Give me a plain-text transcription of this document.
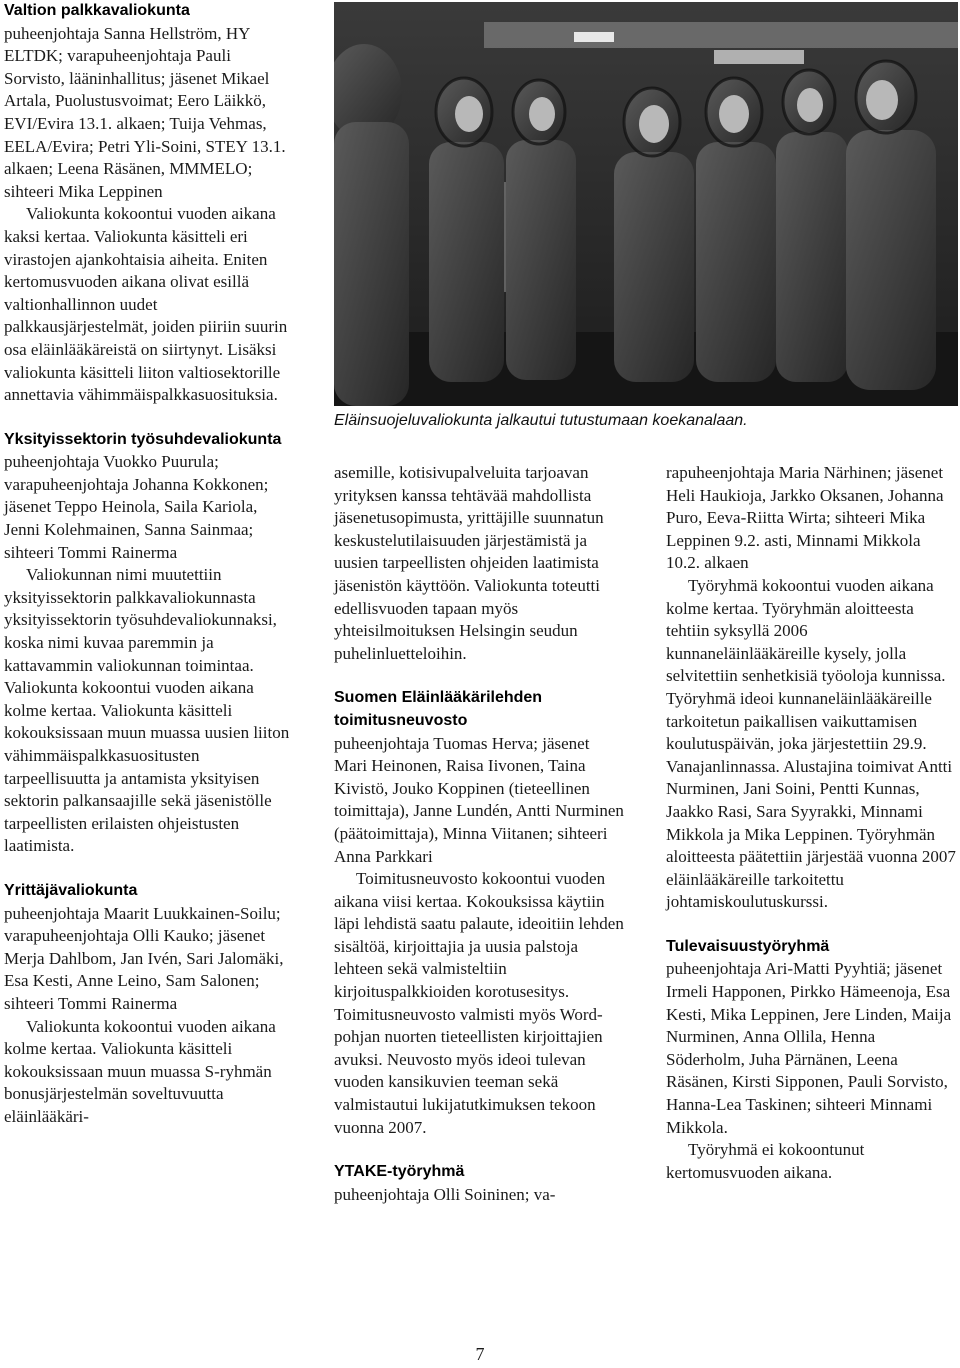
Valtion palkkavaliokunta

puheenjohtaja Sanna Hellström, HY ELTDK; varapuheenjohtaja Pauli Sorvisto, lääninhallitus; jäsenet Mikael Artala, Puolustusvoimat; Eero Läikkö, EVI/Evira 13.1. alkaen; Tuija Vehmas, EELA/Evira; Petri Yli-Soini, STEY 13.1. alkaen; Leena Räsänen, MMMELO; sihteeri Mika Leppinen

Valiokunta kokoontui vuoden aikana kaksi kertaa. Valiokunta käsitteli eri virastojen ajankohtaisia aiheita. Eniten kertomusvuoden aikana olivat esillä valtionhallinnon uudet palkkausjärjestelmät, joiden piiriin suurin osa eläinlääkäreistä on siirtynyt. Lisäksi valiokunta käsitteli liiton valtiosektorille annettavia vähimmäispalkkasuosituksia.

Yksityissektorin työsuhdevaliokunta

puheenjohtaja Vuokko Puurula; varapuheenjohtaja Johanna Kokkonen; jäsenet Teppo Heinola, Saila Kariola, Jenni Kolehmainen, Sanna Sainmaa; sihteeri Tommi Rainerma

Valiokunnan nimi muutettiin yksityissektorin palkkavaliokunnasta yksityissektorin työsuhdevaliokunnaksi, koska nimi kuvaa paremmin ja kattavammin valiokunnan toimintaa. Valiokunta kokoontui vuoden aikana kolme kertaa. Valiokunta käsitteli kokouksissaan muun muassa uusien liiton vähimmäispalkkasuositusten tarpeellisuutta ja antamista yksityisen sektorin palkansaajille sekä jäsenistölle tarpeellisten erilaisten ohjeistusten laatimista.

Yrittäjävaliokunta

puheenjohtaja Maarit Luukkainen-Soilu; varapuheenjohtaja Olli Kauko; jäsenet Merja Dahlbom, Jan Ivén, Sari Jalomäki, Esa Kesti, Anne Leino, Sam Salonen; sihteeri Tommi Rainerma

Valiokunta kokoontui vuoden aikana kolme kertaa. Valiokunta käsitteli kokouksissaan muun muassa S-ryhmän bonusjärjestelmän soveltuvuutta eläinlääkäri-

Eläinsuojeluvaliokunta jalkautui tutustumaan koekanalaan.

asemille, kotisivupalveluita tarjoavan yrityksen kanssa tehtävää mahdollista jäsenetusopimusta, yrittäjille suunnatun keskustelutilaisuuden järjestämistä ja uusien tarpeellisten ohjeiden laatimista jäsenistön käyttöön. Valiokunta toteutti edellisvuoden tapaan myös yhteisilmoituksen Helsingin seudun puhelinluetteloihin.

Suomen Eläinlääkärilehden toimitusneuvosto

puheenjohtaja Tuomas Herva; jäsenet Mari Heinonen, Raisa Iivonen, Taina Kivistö, Jouko Koppinen (tieteellinen toimittaja), Janne Lundén, Antti Nurminen (päätoimittaja), Minna Viitanen; sihteeri Anna Parkkari

Toimitusneuvosto kokoontui vuoden aikana viisi kertaa. Kokouksissa käytiin läpi lehdistä saatu palaute, ideoitiin lehden sisältöä, kirjoittajia ja uusia palstoja lehteen sekä valmisteltiin kirjoituspalkkioiden korotusesitys. Toimitusneuvosto valmisti myös Word-pohjan nuorten tieteellisten kirjoittajien avuksi. Neuvosto myös ideoi tulevan vuoden kansikuvien teeman sekä valmistautui lukijatutkimuksen tekoon vuonna 2007.

YTAKE-työryhmä

puheenjohtaja Olli Soininen; va-

rapuheenjohtaja Maria Närhinen; jäsenet Heli Haukioja, Jarkko Oksanen, Johanna Puro, Eeva-Riitta Wirta; sihteeri Mika Leppinen 9.2. asti, Minnami Mikkola 10.2. alkaen

Työryhmä kokoontui vuoden aikana kolme kertaa. Työryhmän aloitteesta tehtiin syksyllä 2006 kunnaneläinlääkäreille kysely, jolla selvitettiin senhetkisiä työoloja kunnissa. Työryhmä ideoi kunnaneläinlääkäreille tarkoitetun paikallisen vaikuttamisen koulutuspäivän, joka järjestettiin 29.9. Vanajanlinnassa. Alustajina toimivat Antti Nurminen, Jani Soini, Pentti Kunnas, Jaakko Rasi, Sara Syyrakki, Minnami Mikkola ja Mika Leppinen. Työryhmän aloitteesta päätettiin järjestää vuonna 2007 eläinlääkäreille tarkoitettu johtamiskoulutuskurssi.

Tulevaisuustyöryhmä

puheenjohtaja Ari-Matti Pyyhtiä; jäsenet Irmeli Happonen, Pirkko Hämeenoja, Esa Kesti, Mika Leppinen, Jere Linden, Maija Nurminen, Anna Ollila, Henna Söderholm, Juha Pärnänen, Leena Räsänen, Kirsti Sipponen, Pauli Sorvisto, Hanna-Lea Taskinen; sihteeri Minnami Mikkola.

Työryhmä ei kokoontunut kertomusvuoden aikana.

7
